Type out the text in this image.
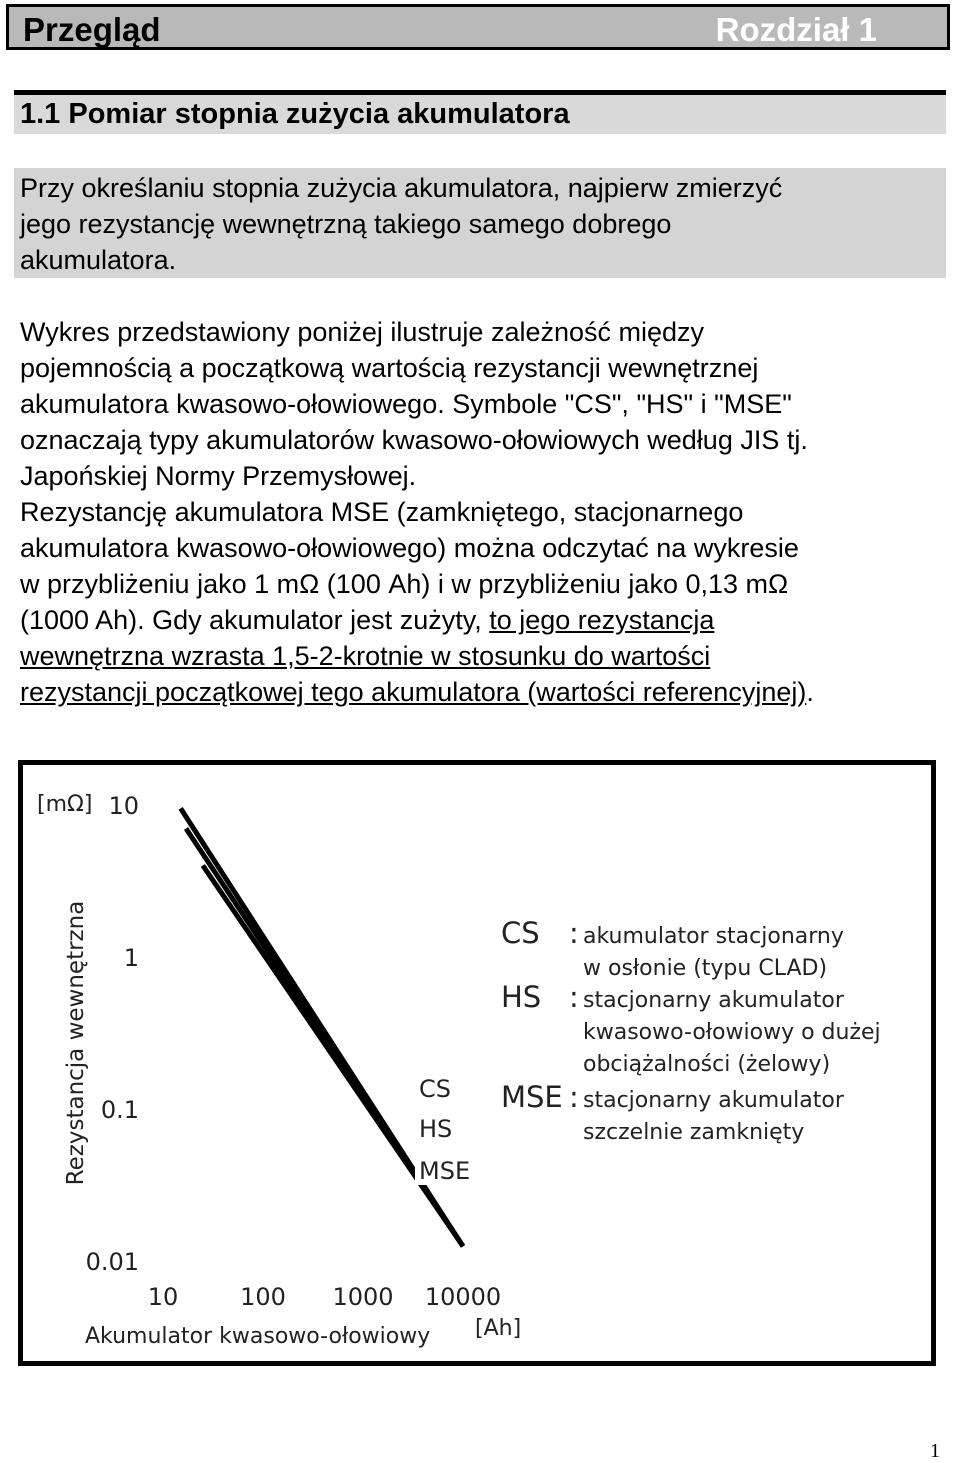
Przegląd	Rozdział 1
1.1 Pomiar stopnia zużycia akumulatora

Przy określaniu stopnia zużycia akumulatora, najpierw zmierzyć
jego rezystancję wewnętrzną takiego samego dobrego
akumulatora.

Wykres przedstawiony poniżej ilustruje zależność między
pojemnością a początkową wartością rezystancji wewnętrznej
akumulatora kwasowo-ołowiowego. Symbole "CS", "HS" i "MSE"
oznaczają typy akumulatorów kwasowo-ołowiowych według JIS tj.
Japońskiej Normy Przemysłowej.
Rezystancję akumulatora MSE (zamkniętego, stacjonarnego
akumulatora kwasowo-ołowiowego) można odczytać na wykresie
w przybliżeniu jako 1 mΩ (100 Ah) i w przybliżeniu jako 0,13 mΩ
(1000 Ah). Gdy akumulator jest zużyty, to jego rezystancja
wewnętrzna wzrasta 1,5-2-krotnie w stosunku do wartości
rezystancji początkowej tego akumulatora (wartości referencyjnej).

Rezystancja wewnętrzna
10
1
0.1
0.01
[mΩ]
10	100 1000 10000
Akumulator kwasowo-ołowiowy [Ah]
CS
HS
MSE
CS : akumulator stacjonarny
w osłonie (typu CLAD)
HS : stacjonarny akumulator
kwasowo-ołowiowy o dużej
obciążalności (żelowy)
MSE : stacjonarny akumulator
szczelnie zamknięty
1
